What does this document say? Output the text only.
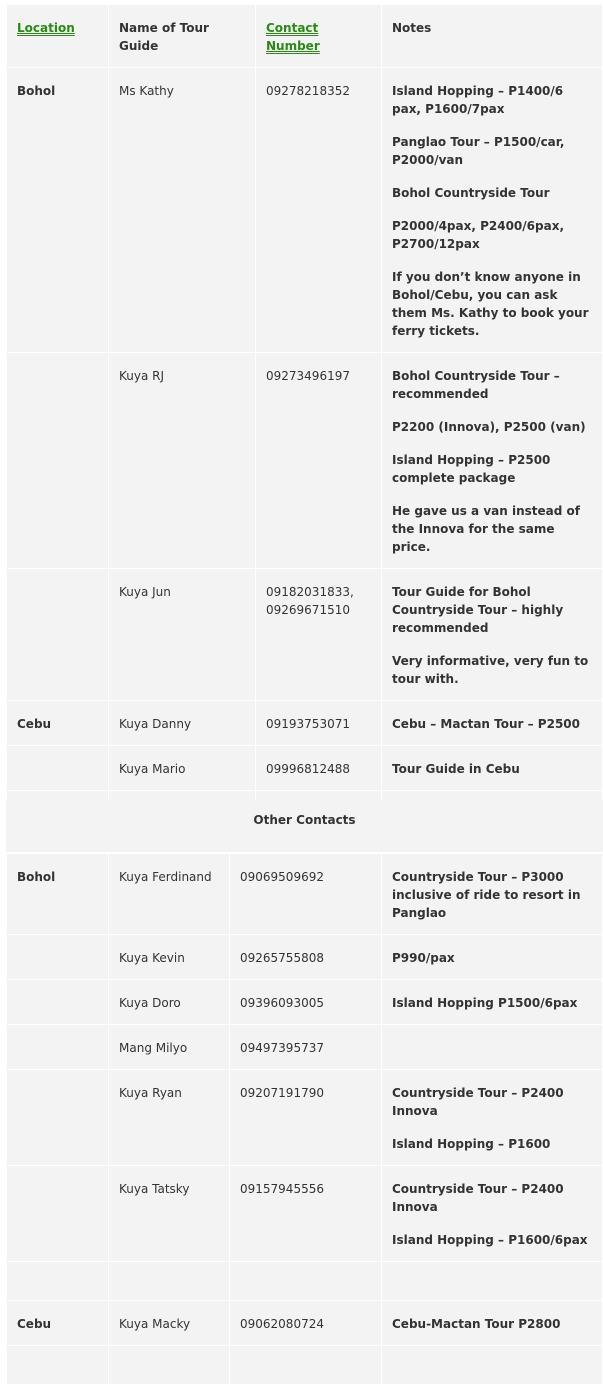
Location	Name of Tour Guide	Contact Number	Notes
Bohol	Ms Kathy	09278218352	Island Hopping – P1400/6 pax, P1600/7pax

Panglao Tour – P1500/car, P2000/van

Bohol Countryside Tour

P2000/4pax, P2400/6pax, P2700/12pax

If you don’t know anyone in Bohol/Cebu, you can ask them Ms. Kathy to book your ferry tickets.

	Kuya RJ	09273496197	Bohol Countryside Tour – recommended

P2200 (Innova), P2500 (van)

Island Hopping – P2500 complete package

He gave us a van instead of the Innova for the same price.

	Kuya Jun	09182031833, 09269671510	Tour Guide for Bohol Countryside Tour – highly recommended

Very informative, very fun to tour with.

Cebu	Kuya Danny	09193753071	Cebu – Mactan Tour – P2500

	Kuya Mario	09996812488	Tour Guide in Cebu

Other Contacts
Bohol	Kuya Ferdinand	09069509692	Countryside Tour – P3000 inclusive of ride to resort in Panglao

	Kuya Kevin	09265755808	P990/pax

	Kuya Doro	09396093005	Island Hopping P1500/6pax

	Mang Milyo	09497395737	
	Kuya Ryan	09207191790	Countryside Tour – P2400 Innova

Island Hopping – P1600

	Kuya Tatsky	09157945556	Countryside Tour – P2400 Innova

Island Hopping – P1600/6pax

Cebu	Kuya Macky	09062080724	Cebu-Mactan Tour P2800
